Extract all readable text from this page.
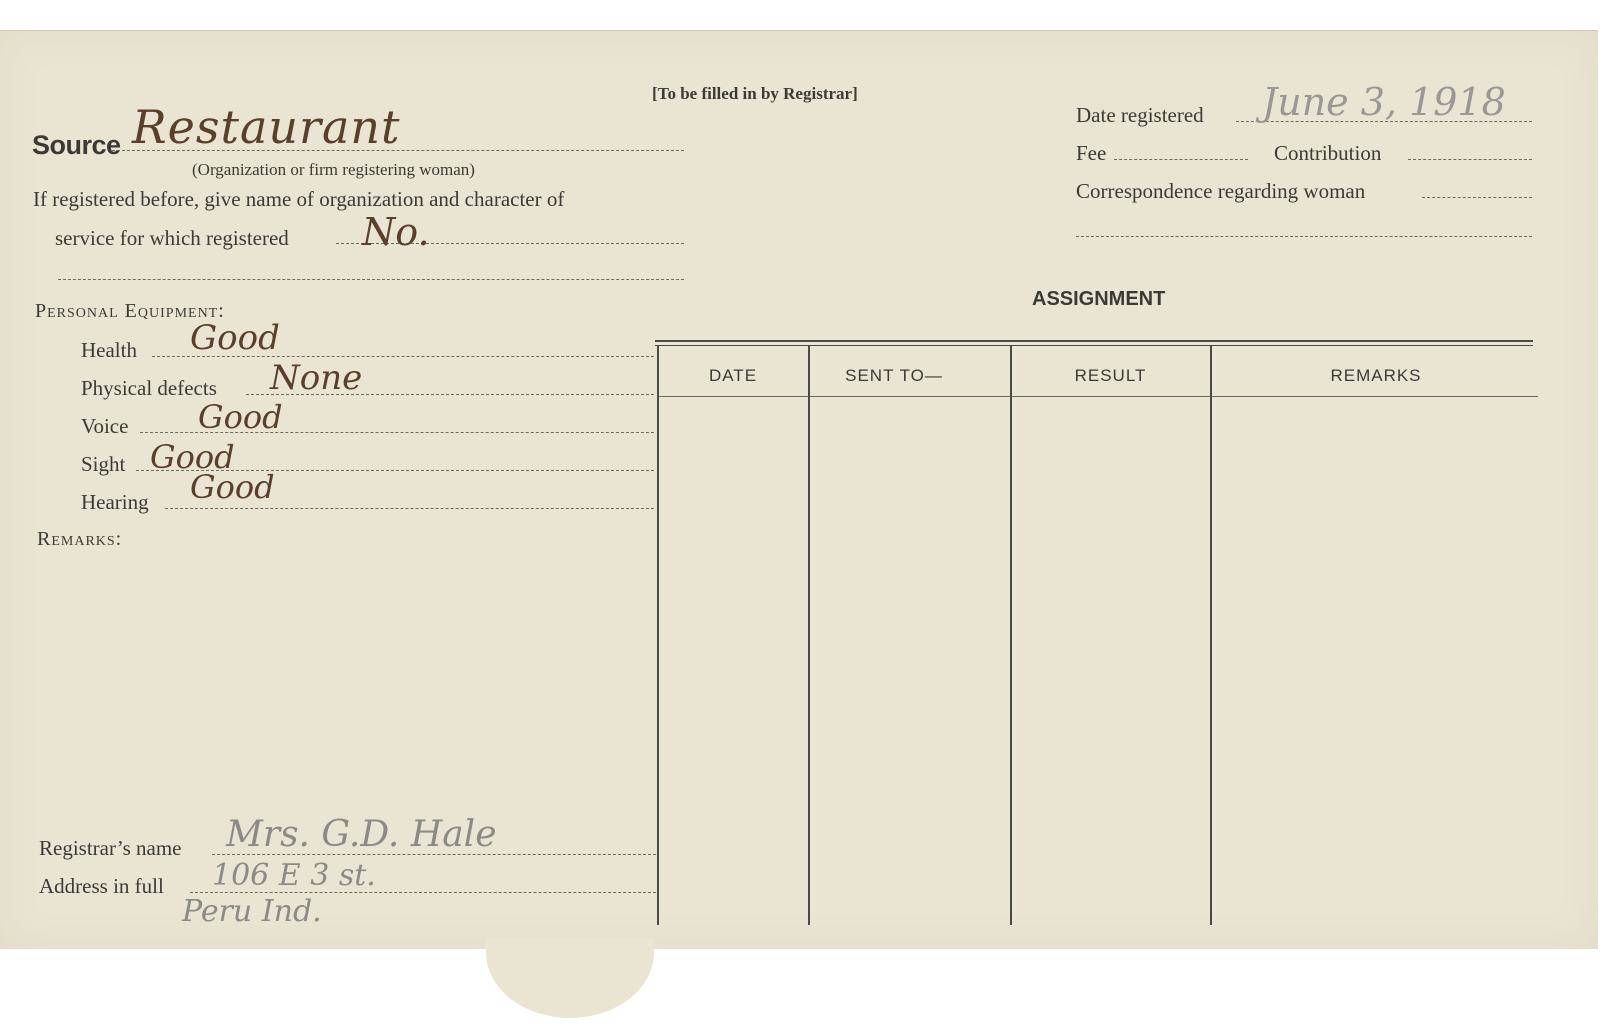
[To be filled in by Registrar]
Source Restaurant
(Organization or firm registering woman)
If registered before, give name of organization and character of
service for which registered No.
Personal Equipment:
Health Good
Physical defects None
Voice Good
Sight Good
Hearing Good
Remarks:
Registrar’s name Mrs. G.D. Hale
Address in full 106 E 3 st.
Peru Ind.
Date registered June 3, 1918
Fee	Contribution
Correspondence regarding woman
ASSIGNMENT
DATE	SENT TO—	RESULT	REMARKS
